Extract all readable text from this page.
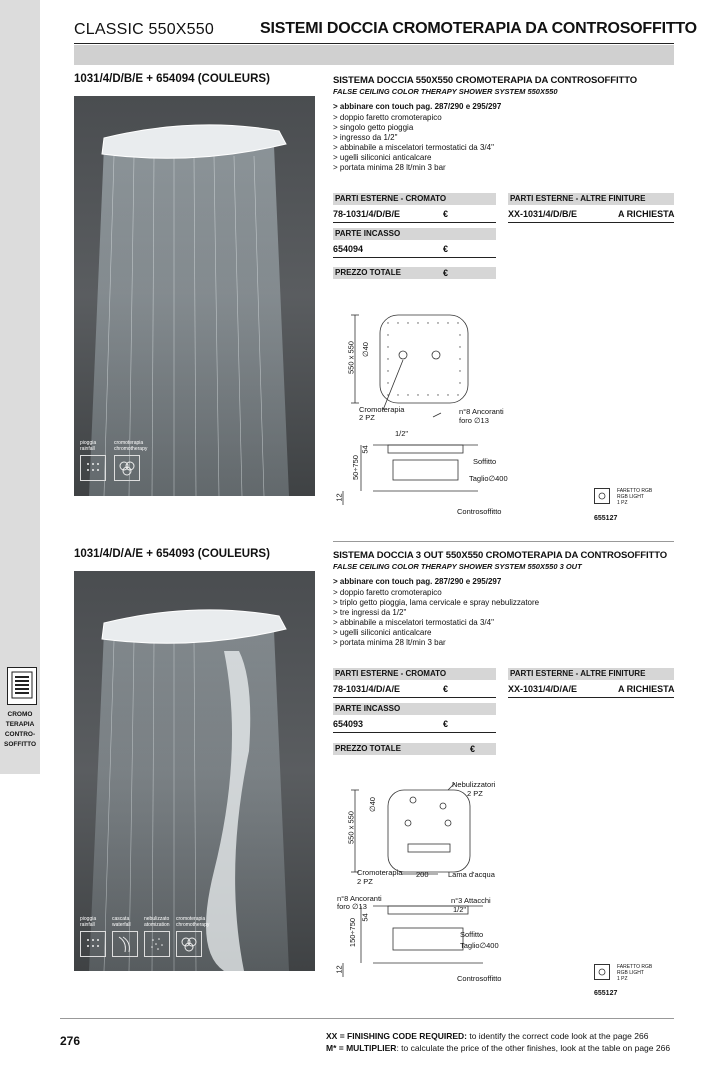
CROMO
TERAPIA
CONTRO-
SOFFITTO
CLASSIC 550X550	SISTEMI DOCCIA CROMOTERAPIA DA CONTROSOFFITTO
1031/4/D/B/E + 654094 (COULEURS)
pioggia
rainfall
cromoterapia
chromotherapy
SISTEMA DOCCIA 550X550 CROMOTERAPIA DA CONTROSOFFITTO
FALSE CEILING COLOR THERAPY SHOWER SYSTEM 550X550
> abbinare con touch pag. 287/290 e 295/297
> doppio faretto cromoterapico
> singolo getto pioggia
> ingresso da 1/2"
> abbinabile a miscelatori termostatici da 3/4"
> ugelli siliconici anticalcare
> portata minima 28 lt/min 3 bar
PARTI ESTERNE - CROMATO
78-1031/4/D/B/E	€
PARTI ESTERNE - ALTRE FINITURE
XX-1031/4/D/B/E	A RICHIESTA
PARTE INCASSO
654094	€
PREZZO TOTALE	€
550 x 550 ∅40
Cromoterapia
2 PZ
n°8 Ancoranti
foro ∅13
1/2"
Soffitto
Taglio∅400
50÷750
54
12
Controsoffitto
FARETTO RGB
RGB LIGHT
1 PZ
655127
1031/4/D/A/E + 654093 (COULEURS)
pioggia
rainfall
cascata
waterfall
nebulizzato
atomization
cromoterapia
chromotherapy
SISTEMA DOCCIA 3 OUT 550X550 CROMOTERAPIA DA CONTROSOFFITTO
FALSE CEILING COLOR THERAPY SHOWER SYSTEM 550X550 3 OUT
> abbinare con touch pag. 287/290 e 295/297
> doppio faretto cromoterapico
> triplo getto pioggia, lama cervicale e spray nebulizzatore
> tre ingressi da 1/2"
> abbinabile a miscelatori termostatici da 3/4"
> ugelli siliconici anticalcare
> portata minima 28 lt/min 3 bar
PARTI ESTERNE - CROMATO
78-1031/4/D/A/E	€
PARTI ESTERNE - ALTRE FINITURE
XX-1031/4/D/A/E	A RICHIESTA
PARTE INCASSO
654093	€
PREZZO TOTALE	€
Nebulizzatori
2 PZ
550 x 550
∅40
Cromoterapia
2 PZ
200	Lama d'acqua
n°8 Ancoranti
foro ∅13
n°3 Attacchi
1/2"
Soffitto
Taglio∅400
150÷750
54
12
Controsoffitto
FARETTO RGB
RGB LIGHT
1 PZ
655127
276	XX = FINISHING CODE REQUIRED: to identify the correct code look at the page 266
M* = MULTIPLIER: to calculate the price of the other finishes, look at the table on page 266
